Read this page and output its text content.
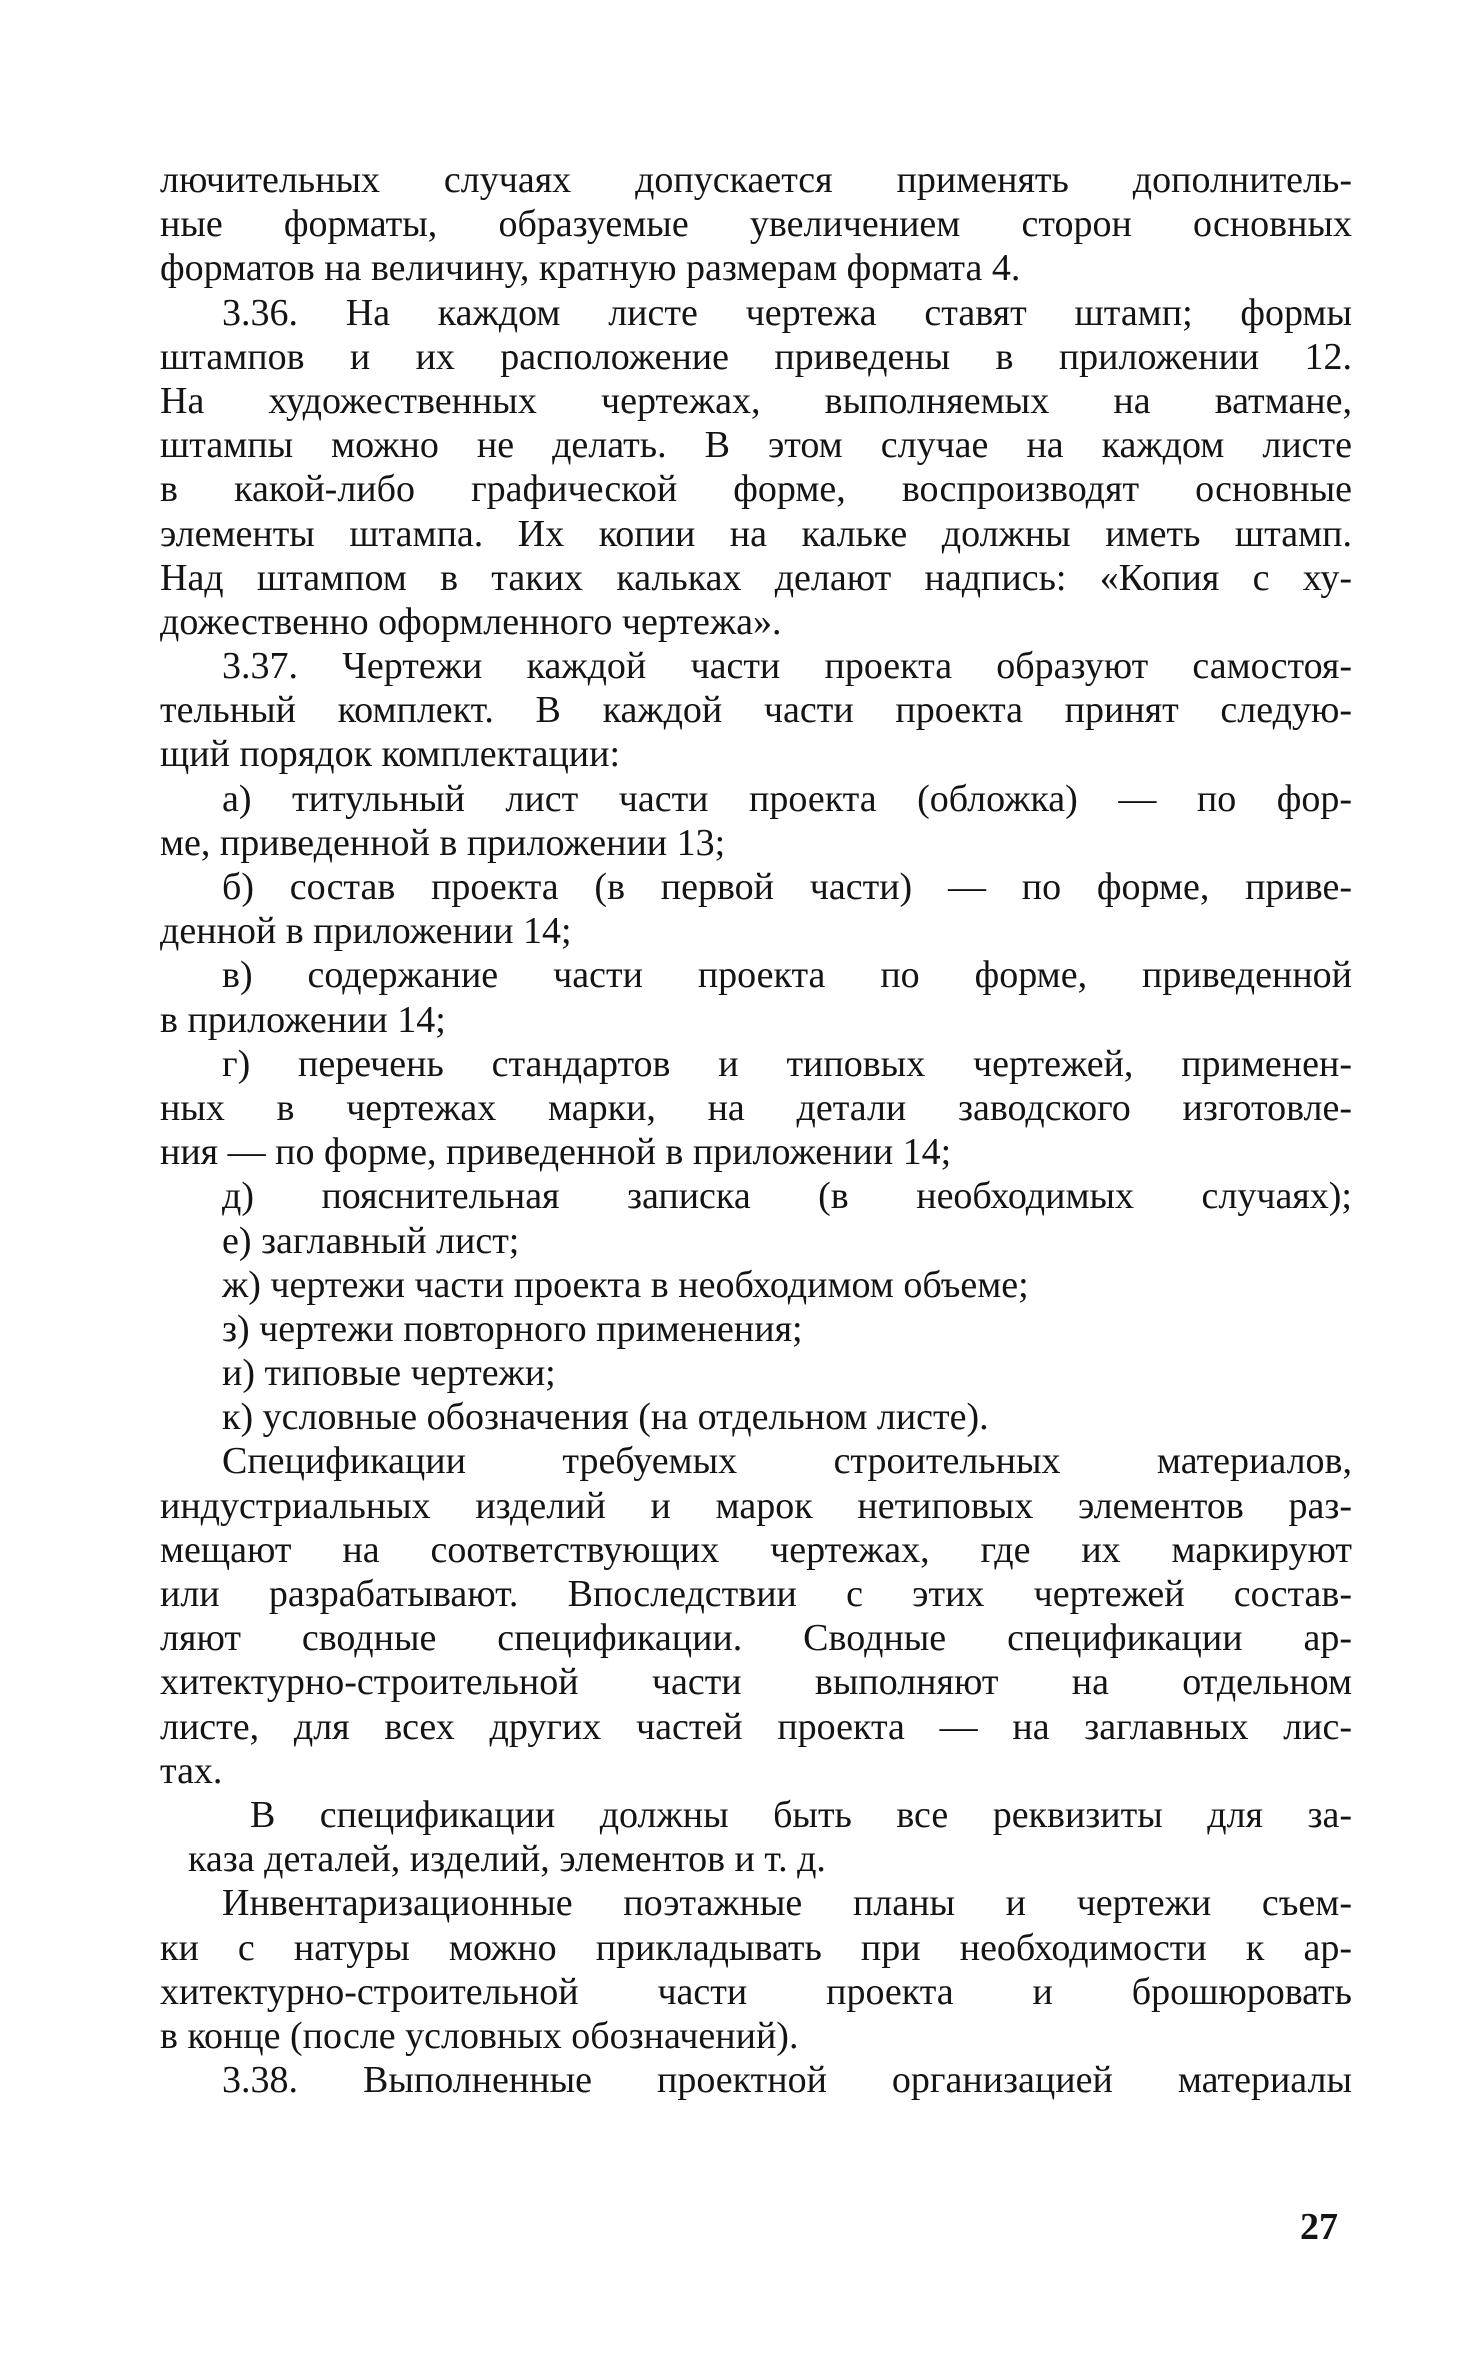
лючительных случаях допускается применять дополнитель-
ные форматы, образуемые увеличением сторон основных
форматов на величину, кратную размерам формата 4.
3.36. На каждом листе чертежа ставят штамп; формы
штампов и их расположение приведены в приложении 12.
На художественных чертежах, выполняемых на ватмане,
штампы можно не делать. В этом случае на каждом листе
в какой-либо графической форме, воспроизводят основные
элементы штампа. Их копии на кальке должны иметь штамп.
Над штампом в таких кальках делают надпись: «Копия с ху-
дожественно оформленного чертежа».
3.37. Чертежи каждой части проекта образуют самостоя-
тельный комплект. В каждой части проекта принят следую-
щий порядок комплектации:
а) титульный лист части проекта (обложка) — по фор-
ме, приведенной в приложении 13;
б) состав проекта (в первой части) — по форме, приве-
денной в приложении 14;
в) содержание части проекта по форме, приведенной
в приложении 14;
г) перечень стандартов и типовых чертежей, применен-
ных в чертежах марки, на детали заводского изготовле-
ния — по форме, приведенной в приложении 14;
д) пояснительная записка (в необходимых случаях);
е) заглавный лист;
ж) чертежи части проекта в необходимом объеме;
з) чертежи повторного применения;
и) типовые чертежи;
к) условные обозначения (на отдельном листе).
Спецификации требуемых строительных материалов,
индустриальных изделий и марок нетиповых элементов раз-
мещают на соответствующих чертежах, где их маркируют
или разрабатывают. Впоследствии с этих чертежей состав-
ляют сводные спецификации. Сводные спецификации ар-
хитектурно-строительной части выполняют на отдельном
листе, для всех других частей проекта — на заглавных лис-
тах.
В спецификации должны быть все реквизиты для за-
каза деталей, изделий, элементов и т. д.
Инвентаризационные поэтажные планы и чертежи съем-
ки с натуры можно прикладывать при необходимости к ар-
хитектурно-строительной части проекта и брошюровать
в конце (после условных обозначений).
3.38. Выполненные проектной организацией материалы
27
